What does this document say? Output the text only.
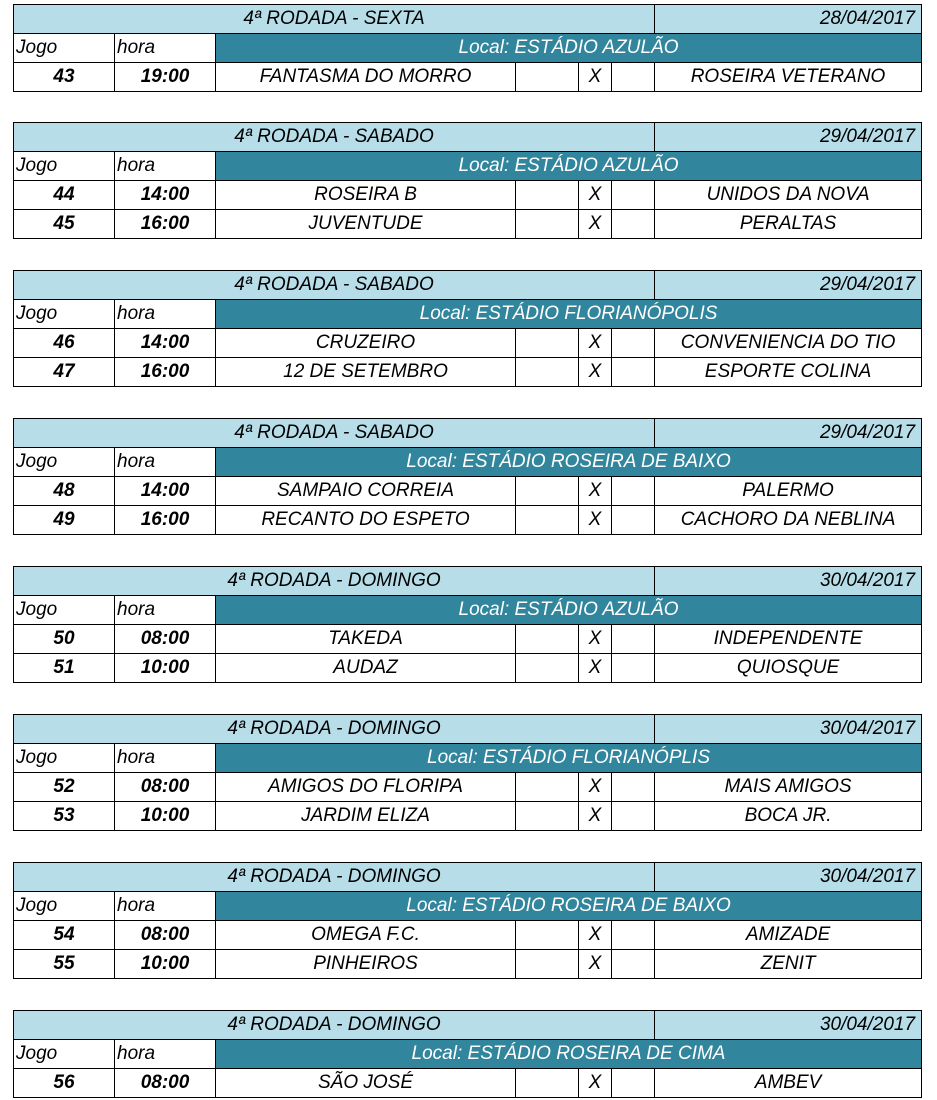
4ª RODADA - SEXTA						28/04/2017
Jogo	hora	Local: ESTÁDIO AZULÃO				
43	19:00	FANTASMA DO MORRO		X		ROSEIRA VETERANO
4ª RODADA - SABADO						29/04/2017
Jogo	hora	Local: ESTÁDIO AZULÃO				
44	14:00	ROSEIRA B		X		UNIDOS DA NOVA
45	16:00	JUVENTUDE		X		PERALTAS
4ª RODADA - SABADO						29/04/2017
Jogo	hora	Local: ESTÁDIO FLORIANÓPOLIS				
46	14:00	CRUZEIRO		X		CONVENIENCIA DO TIO
47	16:00	12 DE SETEMBRO		X		ESPORTE COLINA
4ª RODADA - SABADO						29/04/2017
Jogo	hora	Local: ESTÁDIO ROSEIRA DE BAIXO				
48	14:00	SAMPAIO CORREIA		X		PALERMO
49	16:00	RECANTO DO ESPETO		X		CACHORO DA NEBLINA
4ª RODADA - DOMINGO						30/04/2017
Jogo	hora	Local: ESTÁDIO AZULÃO				
50	08:00	TAKEDA		X		INDEPENDENTE
51	10:00	AUDAZ		X		QUIOSQUE
4ª RODADA - DOMINGO						30/04/2017
Jogo	hora	Local: ESTÁDIO FLORIANÓPLIS				
52	08:00	AMIGOS DO FLORIPA		X		MAIS AMIGOS
53	10:00	JARDIM ELIZA		X		BOCA JR.
4ª RODADA - DOMINGO						30/04/2017
Jogo	hora	Local: ESTÁDIO ROSEIRA DE BAIXO				
54	08:00	OMEGA F.C.		X		AMIZADE
55	10:00	PINHEIROS		X		ZENIT
4ª RODADA - DOMINGO						30/04/2017
Jogo	hora	Local: ESTÁDIO ROSEIRA DE CIMA				
56	08:00	SÃO JOSÉ		X		AMBEV
